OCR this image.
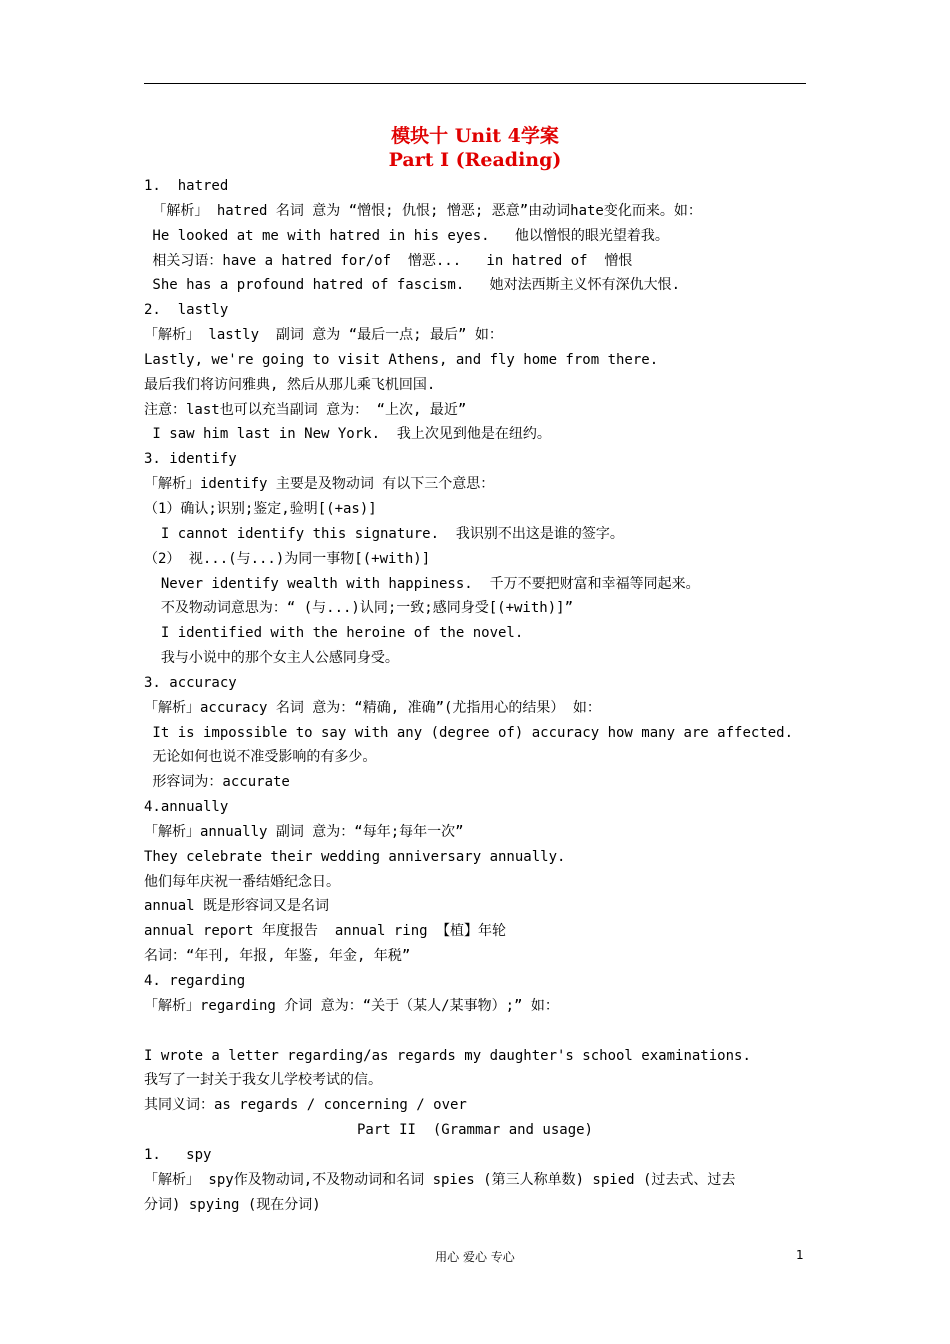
模块十 Unit 4学案
Part I (Reading)
1.  hatred
「解析」 hatred 名词 意为 “憎恨; 仇恨; 憎恶; 恶意”由动词hate变化而来。如：
He looked at me with hatred in his eyes.   他以憎恨的眼光望着我。
相关习语：have a hatred for/of  憎恶...   in hatred of  憎恨
She has a profound hatred of fascism.   她对法西斯主义怀有深仇大恨.
2.  lastly
「解析」 lastly  副词 意为 “最后一点; 最后” 如：
Lastly, we're going to visit Athens, and fly home from there.
最后我们将访问雅典, 然后从那儿乘飞机回国.
注意：last也可以充当副词 意为： “上次, 最近”
I saw him last in New York.  我上次见到他是在纽约。
3. identify
「解析」identify 主要是及物动词 有以下三个意思：
（1）确认;识别;鉴定,验明[(+as)]
I cannot identify this signature.  我识别不出这是谁的签字。
（2） 视...(与...)为同一事物[(+with)]
Never identify wealth with happiness.  千万不要把财富和幸福等同起来。
不及物动词意思为：“ (与...)认同;一致;感同身受[(+with)]”
I identified with the heroine of the novel.
我与小说中的那个女主人公感同身受。
3. accuracy
「解析」accuracy 名词 意为：“精确, 准确”(尤指用心的结果） 如：
It is impossible to say with any (degree of) accuracy how many are affected.
无论如何也说不准受影响的有多少。
形容词为：accurate
4.annually
「解析」annually 副词 意为：“每年;每年一次”
They celebrate their wedding anniversary annually.
他们每年庆祝一番结婚纪念日。
annual 既是形容词又是名词
annual report 年度报告  annual ring 【植】年轮
名词：“年刊, 年报, 年鉴, 年金, 年税”
4. regarding
「解析」regarding 介词 意为：“关于（某人/某事物）;” 如：
I wrote a letter regarding/as regards my daughter's school examinations.
我写了一封关于我女儿学校考试的信。
其同义词：as regards / concerning / over
Part II  (Grammar and usage)
1.   spy
「解析」 spy作及物动词,不及物动词和名词 spies (第三人称单数) spied (过去式、过去
分词) spying (现在分词)
用心 爱心 专心	1
